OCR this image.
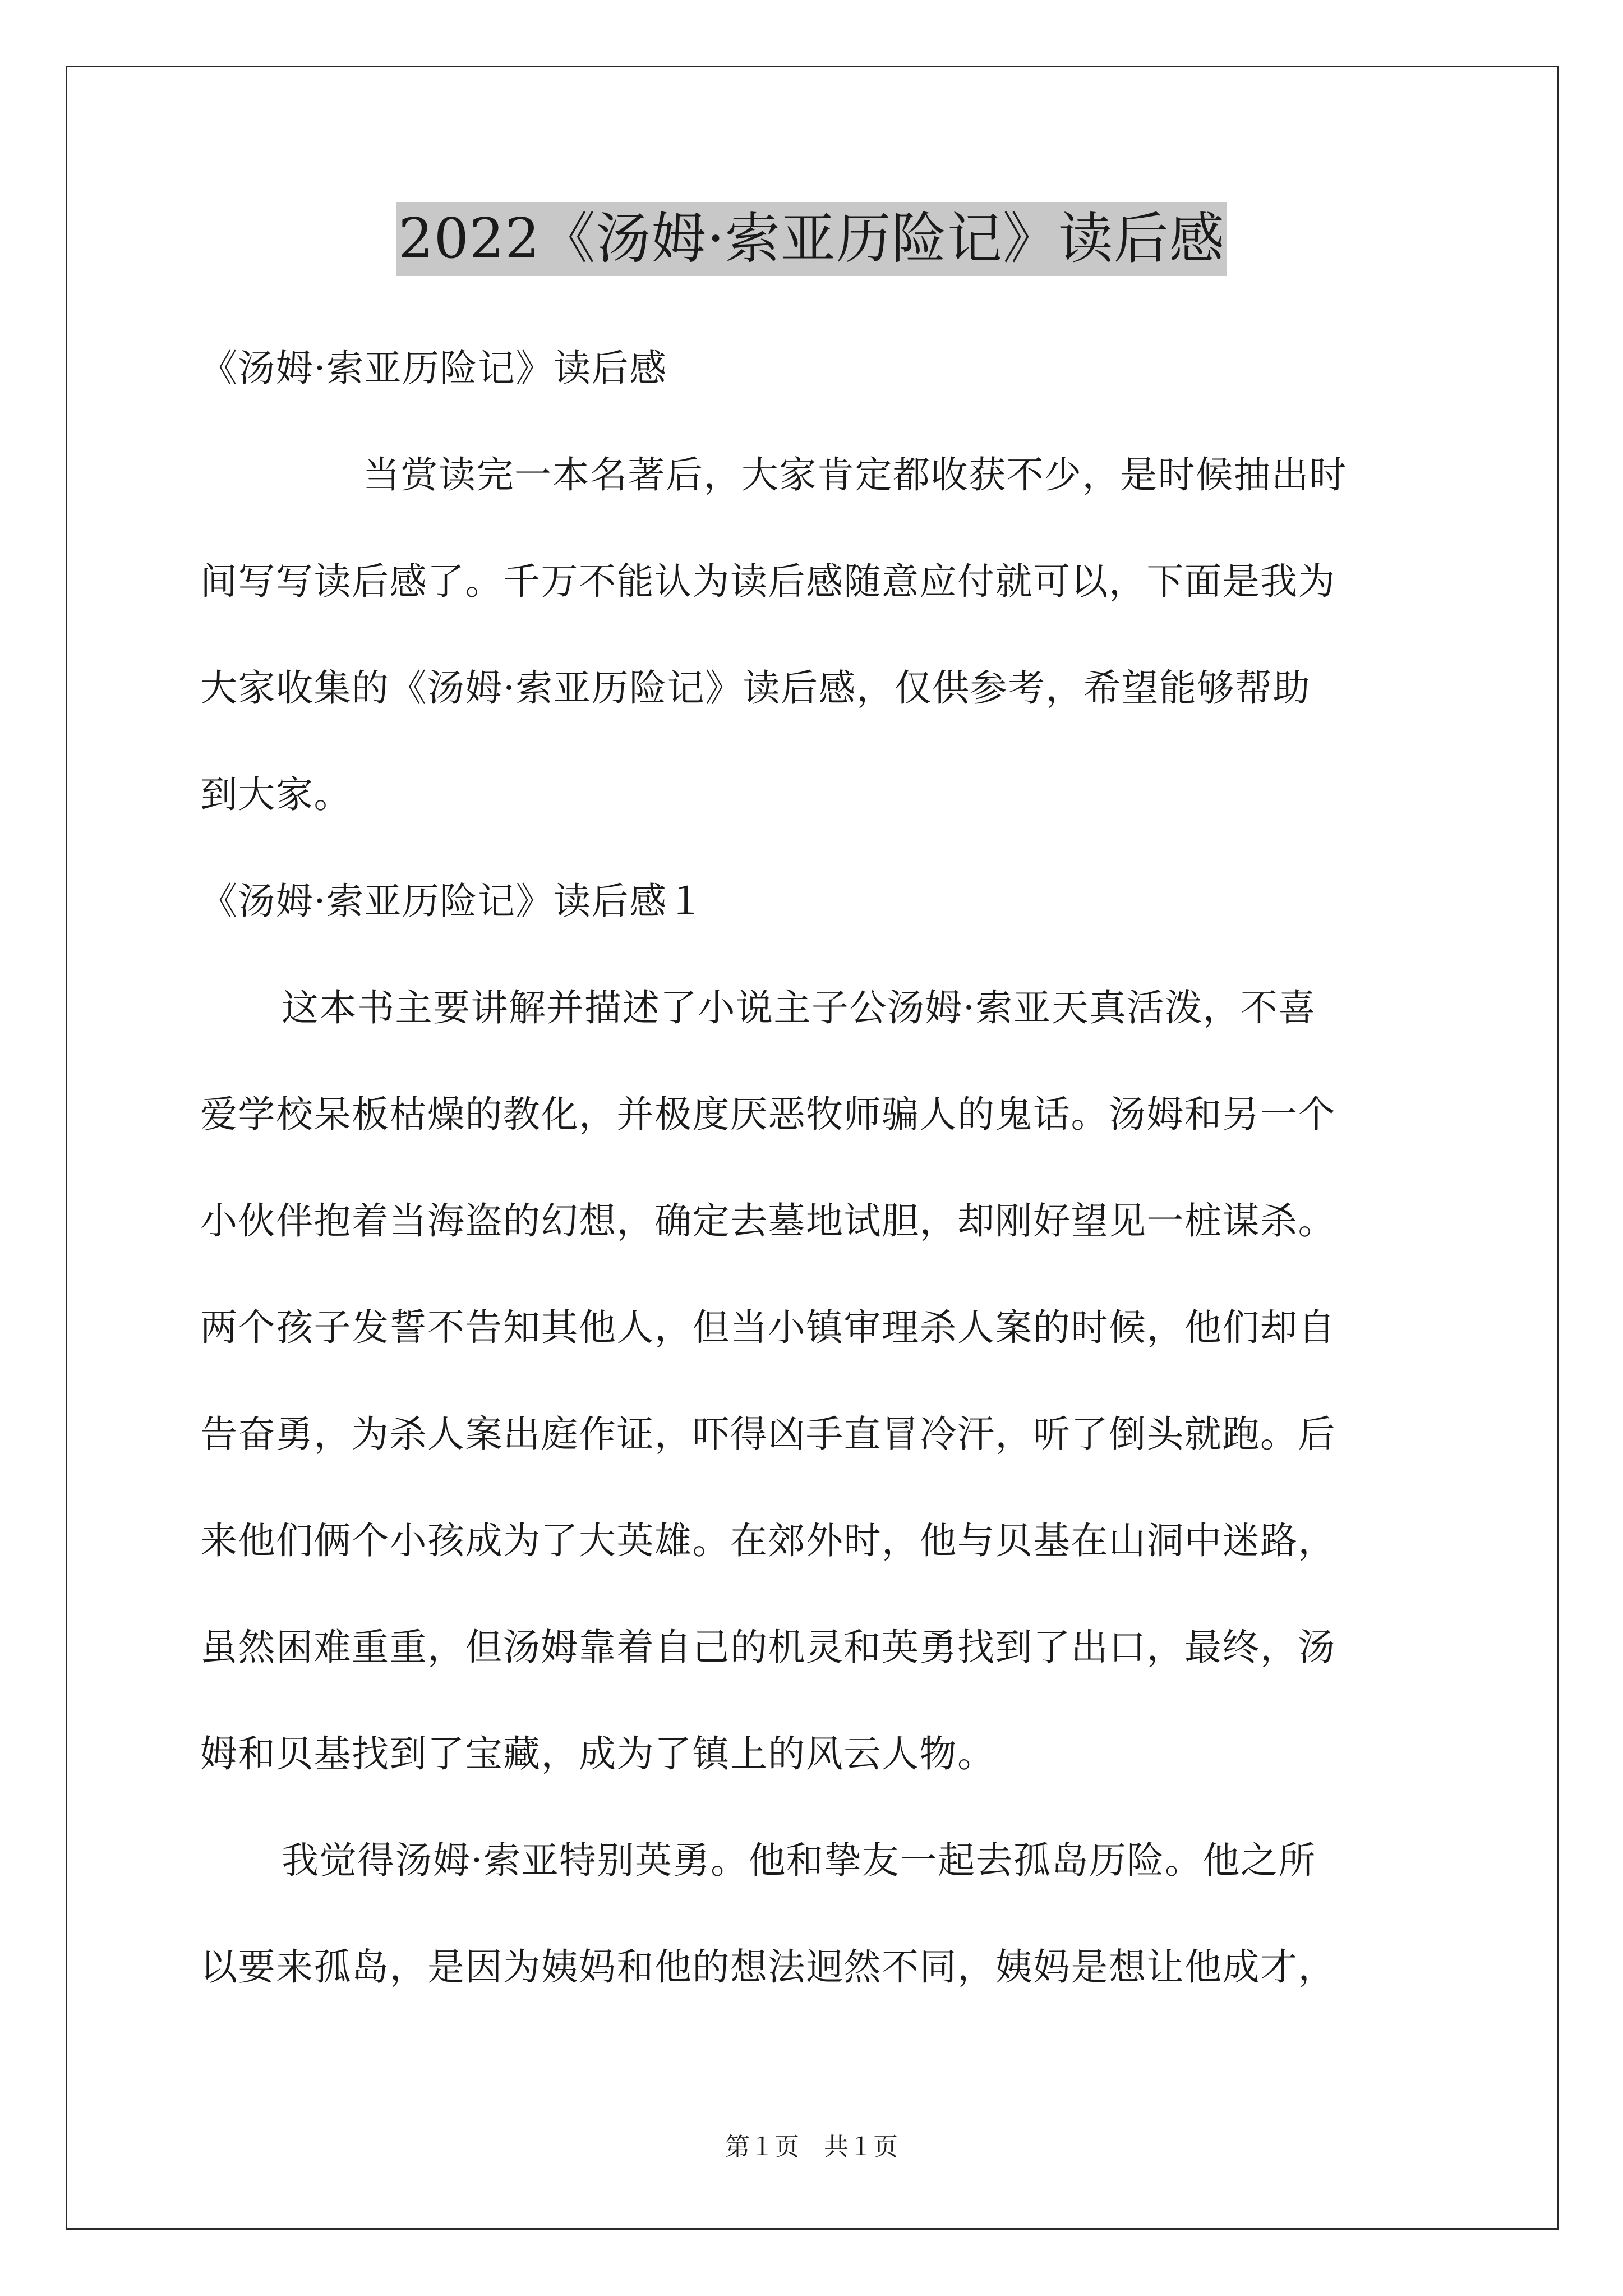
2022《汤姆·索亚历险记》读后感
《汤姆·索亚历险记》读后感
当赏读完一本名著后，大家肯定都收获不少，是时候抽出时
间写写读后感了。千万不能认为读后感随意应付就可以，下面是我为
大家收集的《汤姆·索亚历险记》读后感，仅供参考，希望能够帮助
到大家。
《汤姆·索亚历险记》读后感１
这本书主要讲解并描述了小说主子公汤姆·索亚天真活泼，不喜
爱学校呆板枯燥的教化，并极度厌恶牧师骗人的鬼话。汤姆和另一个
小伙伴抱着当海盗的幻想，确定去墓地试胆，却刚好望见一桩谋杀。
两个孩子发誓不告知其他人，但当小镇审理杀人案的时候，他们却自
告奋勇，为杀人案出庭作证，吓得凶手直冒冷汗，听了倒头就跑。后
来他们俩个小孩成为了大英雄。在郊外时，他与贝基在山洞中迷路，
虽然困难重重，但汤姆靠着自己的机灵和英勇找到了出口，最终，汤
姆和贝基找到了宝藏，成为了镇上的风云人物。
我觉得汤姆·索亚特别英勇。他和挚友一起去孤岛历险。他之所
以要来孤岛，是因为姨妈和他的想法迥然不同，姨妈是想让他成才，
第１页　共１页
